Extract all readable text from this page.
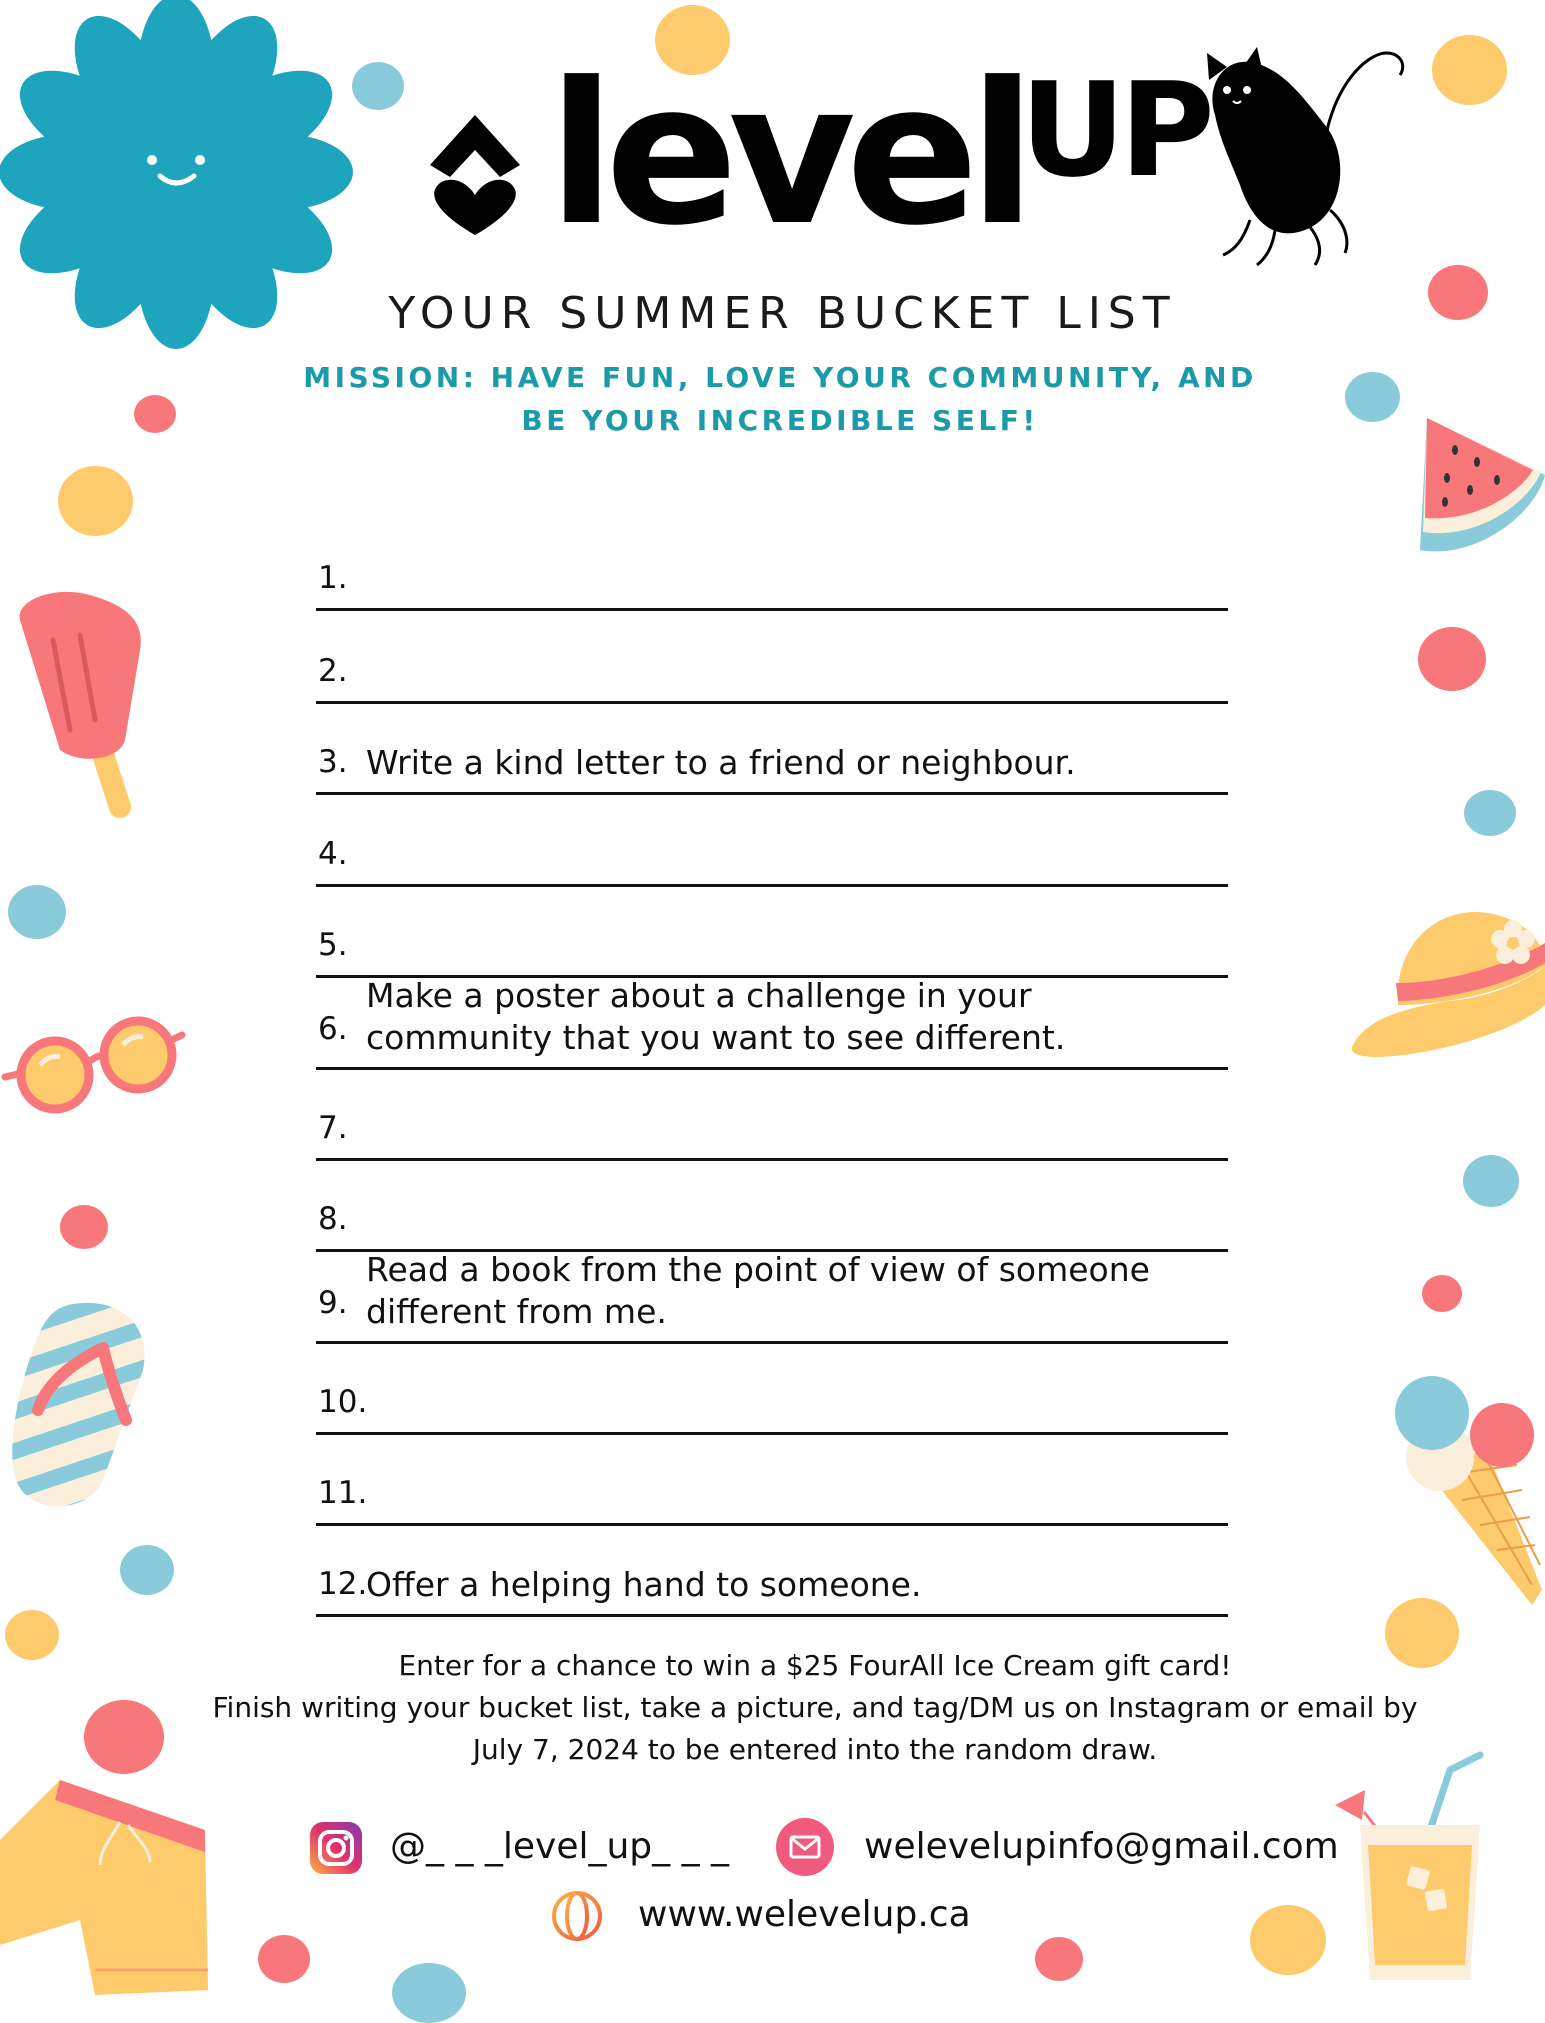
level
UP
YOUR SUMMER BUCKET LIST
MISSION: HAVE FUN, LOVE YOUR COMMUNITY, AND BE YOUR INCREDIBLE SELF!
1.
2.
3. Write a kind letter to a friend or neighbour.
4.
5.
6.
Make a poster about a challenge in your community that you want to see different.
7.
8.
9.
Read a book from the point of view of someone different from me.
10.
11.
12.
Offer a helping hand to someone.
Enter for a chance to win a $25 FourAll Ice Cream gift card!
Finish writing your bucket list, take a picture, and tag/DM us on Instagram or email by July 7, 2024 to be entered into the random draw.
@_ _ _level_up_ _ _	welevelupinfo@gmail.com
www.welevelup.ca
